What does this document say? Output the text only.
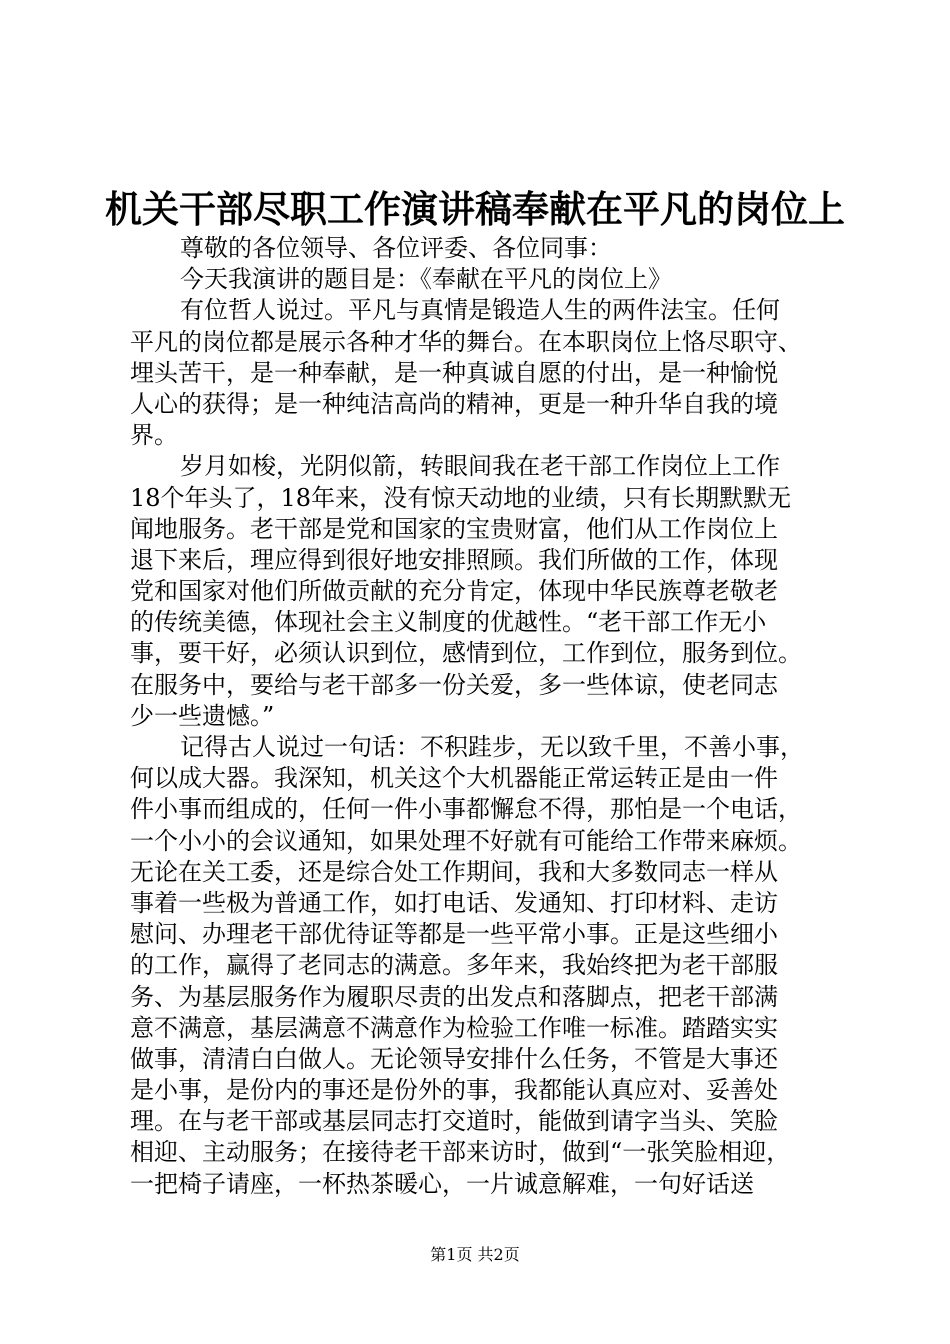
机关干部尽职工作演讲稿奉献在平凡的岗位上
尊敬的各位领导、各位评委、各位同事：
今天我演讲的题目是：《奉献在平凡的岗位上》
有位哲人说过。平凡与真情是锻造人生的两件法宝。任何
平凡的岗位都是展示各种才华的舞台。在本职岗位上恪尽职守、
埋头苦干，是一种奉献，是一种真诚自愿的付出，是一种愉悦
人心的获得；是一种纯洁高尚的精神，更是一种升华自我的境
界。
岁月如梭，光阴似箭，转眼间我在老干部工作岗位上工作
18个年头了，18年来，没有惊天动地的业绩，只有长期默默无
闻地服务。老干部是党和国家的宝贵财富，他们从工作岗位上
退下来后，理应得到很好地安排照顾。我们所做的工作，体现
党和国家对他们所做贡献的充分肯定，体现中华民族尊老敬老
的传统美德，体现社会主义制度的优越性。“老干部工作无小
事，要干好，必须认识到位，感情到位，工作到位，服务到位。
在服务中，要给与老干部多一份关爱，多一些体谅，使老同志
少一些遗憾。”
记得古人说过一句话：不积跬步，无以致千里，不善小事，
何以成大器。我深知，机关这个大机器能正常运转正是由一件
件小事而组成的，任何一件小事都懈怠不得，那怕是一个电话，
一个小小的会议通知，如果处理不好就有可能给工作带来麻烦。
无论在关工委，还是综合处工作期间，我和大多数同志一样从
事着一些极为普通工作，如打电话、发通知、打印材料、走访
慰问、办理老干部优待证等都是一些平常小事。正是这些细小
的工作，赢得了老同志的满意。多年来，我始终把为老干部服
务、为基层服务作为履职尽责的出发点和落脚点，把老干部满
意不满意，基层满意不满意作为检验工作唯一标准。踏踏实实
做事，清清白白做人。无论领导安排什么任务，不管是大事还
是小事，是份内的事还是份外的事，我都能认真应对、妥善处
理。在与老干部或基层同志打交道时，能做到请字当头、笑脸
相迎、主动服务；在接待老干部来访时，做到“一张笑脸相迎，
一把椅子请座，一杯热茶暖心，一片诚意解难，一句好话送
第1页 共2页
